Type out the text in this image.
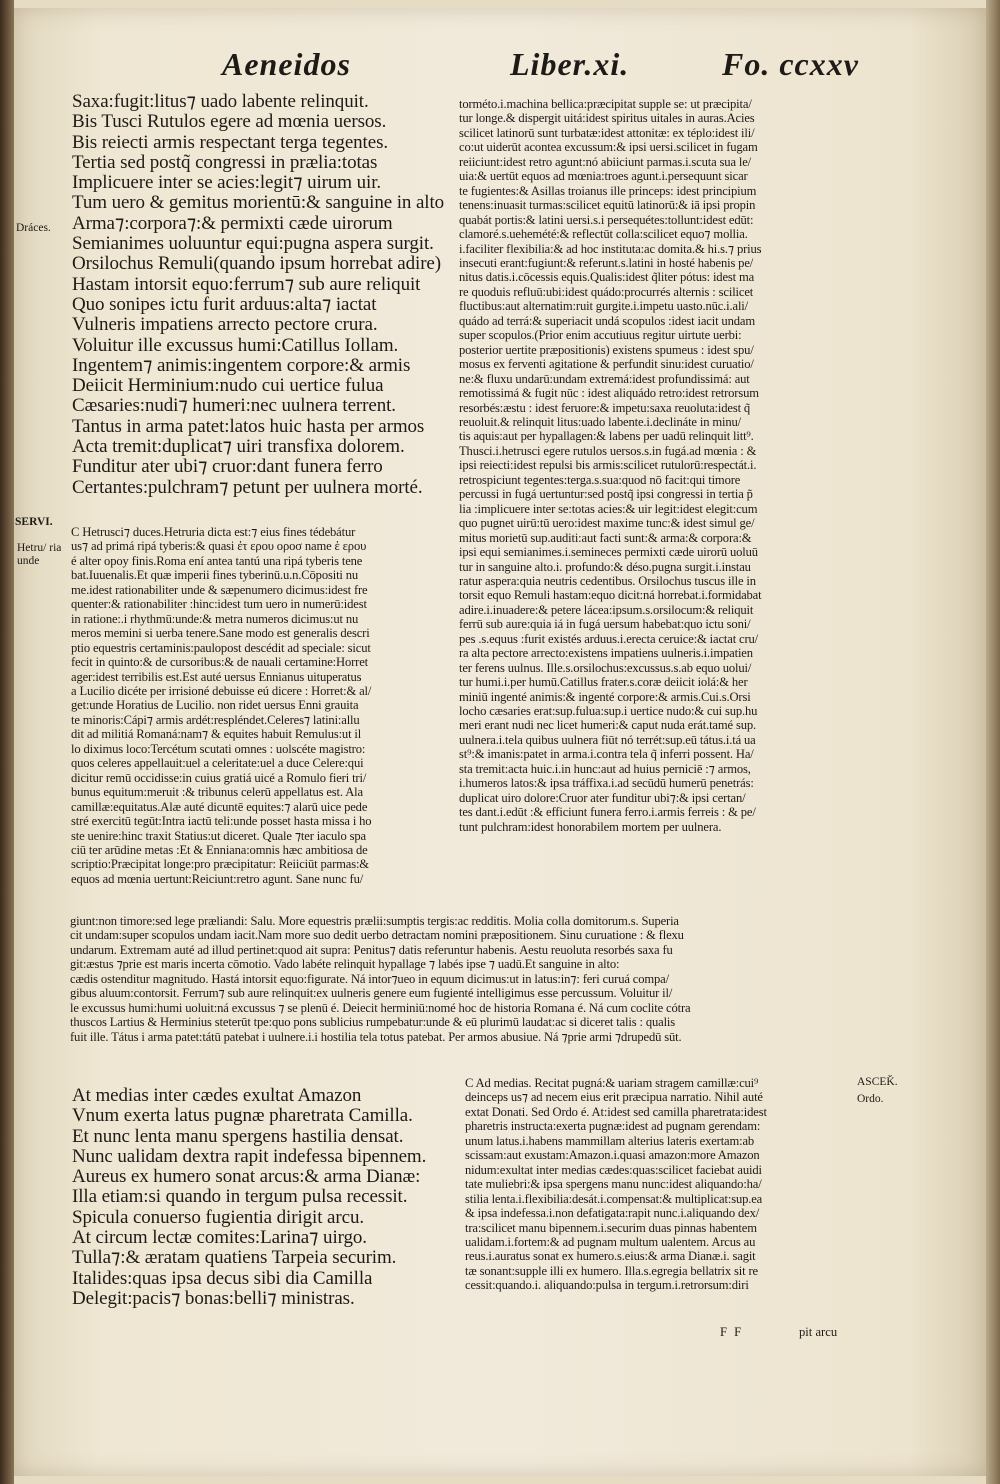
Aeneidos	Liber.xi.	Fo. ccxxv
Saxa:fugit:litus⁊ uado labente relinquit.
Bis Tusci Rutulos egere ad mœnia uersos.
Bis reiecti armis respectant terga tegentes.
Tertia sed postq̃ congressi in prælia:totas
Implicuere inter se acies:legit⁊ uirum uir.
Tum uero & gemitus morientū:& sanguine in alto
Arma⁊:corpora⁊:& permixti cæde uirorum
Semianimes uoluuntur equi:pugna aspera surgit.
Orsilochus Remuli(quando ipsum horrebat adire)
Hastam intorsit equo:ferrum⁊ sub aure reliquit
Quo sonipes ictu furit arduus:alta⁊ iactat
Vulneris impatiens arrecto pectore crura.
Voluitur ille excussus humi:Catillus Iollam.
Ingentem⁊ animis:ingentem corpore:& armis
Deiicit Herminium:nudo cui uertice fulua
Cæsaries:nudi⁊ humeri:nec uulnera terrent.
Tantus in arma patet:latos huic hasta per armos
Acta tremit:duplicat⁊ uiri transfixa dolorem.
Funditur ater ubi⁊ cruor:dant funera ferro
Certantes:pulchram⁊ petunt per uulnera morté.
C Hetrusci⁊ duces.Hetruria dicta est:⁊ eius fines tédebátur
us⁊ ad primá ripá tyberis:& quasi ἐτ ερου οροσ name ἑ ερου
é alter opoy finis.Roma ení antea tantú una ripá tyberis tene
bat.Iuuenalis.Et quæ imperii fines tyberinū.u.n.Cōpositi nu
me.idest rationabiliter unde & sæpenumero dicimus:idest fre
quenter:& rationabiliter :hinc:idest tum uero in numerū:idest
in ratione:.i rhythmū:unde:& metra numeros dicimus:ut nu
meros memini si uerba tenere.Sane modo est generalis descri
ptio equestris certaminis:paulopost descédit ad speciale: sicut
fecit in quinto:& de cursoribus:& de nauali certamine:Horret
ager:idest terribilis est.Est auté uersus Ennianus uituperatus
a Lucilio dicéte per irrisioné debuisse eú dicere : Horret:& al/
get:unde Horatius de Lucilio. non ridet uersus Enni grauita
te minoris:Cápi⁊ armis ardét:respléndet.Celeres⁊ latini:allu
dit ad militiá Romaná:nam⁊ & equites habuit Remulus:ut il
lo diximus loco:Tercétum scutati omnes : uolscéte magistro:
quos celeres appellauit:uel a celeritate:uel a duce Celere:qui
dicitur remū occidisse:in cuius gratiá uicé a Romulo fieri tri/
bunus equitum:meruit :& tribunus celerū appellatus est. Ala
camillæ:equitatus.Alæ auté dicuntē equites:⁊ alarū uice pede
stré exercitū tegūt:Intra iactū teli:unde posset hasta missa i ho
ste uenire:hinc traxit Statius:ut diceret. Quale ⁊ter iaculo spa
ciū ter arūdine metas :Et & Enniana:omnis hæc ambitiosa de
scriptio:Præcipitat longe:pro præcipitatur: Reiiciūt parmas:&
equos ad mœnia uertunt:Reiciunt:retro agunt. Sane nunc fu/
torméto.i.machina bellica:præcipitat supple se: ut præcipita/
tur longe.& dispergit uitá:idest spiritus uitales in auras.Acies
scilicet latinorū sunt turbatæ:idest attonitæ: ex téplo:idest ili/
co:ut uiderūt acontea excussum:& ipsi uersi.scilicet in fugam
reiiciunt:idest retro agunt:nó abiiciunt parmas.i.scuta sua le/
uia:& uertūt equos ad mœnia:troes agunt.i.persequunt sicar
te fugientes:& Asillas troianus ille princeps: idest principium
tenens:inuasit turmas:scilicet equitū latinorū:& iā ipsi propin
quabát portis:& latini uersi.s.i persequétes:tollunt:idest edūt:
clamoré.s.uehemété:& reflectūt colla:scilicet equo⁊ mollia.
i.faciliter flexibilia:& ad hoc instituta:ac domita.& hi.s.⁊ prius
insecuti erant:fugiunt:& referunt.s.latini in hosté habenis pe/
nitus datis.i.cōcessis equis.Qualis:idest q̃liter pótus: idest ma
re quoduis refluū:ubi:idest quádo:procurrés alternis : scilicet
fluctibus:aut alternatim:ruit gurgite.i.impetu uasto.nūc.i.ali/
quádo ad terrá:& superiacit undá scopulos :idest iacit undam
super scopulos.(Prior enim accutiuus regitur uirtute uerbi:
posterior uertite præpositionis) existens spumeus : idest spu/
mosus ex ferventi agitatione & perfundit sinu:idest curuatio/
ne:& fluxu undarū:undam extremá:idest profundissimá: aut
remotissimá & fugit nūc : idest aliquádo retro:idest retrorsum
resorbés:æstu : idest feruore:& impetu:saxa reuoluta:idest q̃
reuoluit.& relinquit litus:uado labente.i.declináte in minu/
tis aquis:aut per hypallagen:& labens per uadū relinquit litt⁹.
Thusci.i.hetrusci egere rutulos uersos.s.in fugá.ad mœnia : &
ipsi reiecti:idest repulsi bis armis:scilicet rutulorū:respectát.i.
retrospiciunt tegentes:terga.s.sua:quod nō facit:qui timore
percussi in fugá uertuntur:sed postq̃ ipsi congressi in tertia p̃
lia :implicuere inter se:totas acies:& uir legit:idest elegit:cum
quo pugnet uirū:tū uero:idest maxime tunc:& idest simul ge/
mitus morietū sup.auditi:aut facti sunt:& arma:& corpora:&
ipsi equi semianimes.i.semineces permixti cæde uirorū uoluū
tur in sanguine alto.i. profundo:& déso.pugna surgit.i.instau
ratur aspera:quia neutris cedentibus. Orsilochus tuscus ille in
torsit equo Remuli hastam:equo dicit:ná horrebat.i.formidabat
adire.i.inuadere:& petere lácea:ipsum.s.orsilocum:& reliquit
ferrū sub aure:quia iá in fugá uersum habebat:quo ictu soni/
pes .s.equus :furit existés arduus.i.erecta ceruice:& iactat cru/
ra alta pectore arrecto:existens impatiens uulneris.i.impatien
ter ferens uulnus. Ille.s.orsilochus:excussus.s.ab equo uolui/
tur humi.i.per humū.Catillus frater.s.coræ deiicit iolá:& her
miniū ingenté animis:& ingenté corpore:& armis.Cui.s.Orsi
locho cæsaries erat:sup.fulua:sup.i uertice nudo:& cui sup.hu
meri erant nudi nec licet humeri:& caput nuda erát.tamé sup.
uulnera.i.tela quibus uulnera fiūt nó terrét:sup.eū tátus.i.tá ua
st⁹:& imanis:patet in arma.i.contra tela q̃ inferri possent. Ha/
sta tremit:acta huic.i.in hunc:aut ad huius perniciē :⁊ armos,
i.humeros latos:& ipsa tráffixa.i.ad secūdū humerū penetrás:
duplicat uiro dolore:Cruor ater funditur ubi⁊:& ipsi certan/
tes dant.i.edūt :& efficiunt funera ferro.i.armis ferreis : & pe/
tunt pulchram:idest honorabilem mortem per uulnera.
giunt:non timore:sed lege præliandi: Salu. More equestris prælii:sumptis tergis:ac redditis. Molia colla domitorum.s. Superia
cit undam:super scopulos undam iacit.Nam more suo dedit uerbo detractam nomini præpositionem. Sinu curuatione : & flexu
undarum. Extremam auté ad illud pertinet:quod ait supra: Penitus⁊ datis referuntur habenis. Aestu reuoluta resorbés saxa fu
git:æstus ⁊prie est maris incerta cōmotio. Vado labéte relinquit hypallage ⁊ labés ipse ⁊ uadū.Et sanguine in alto:
cædis ostenditur magnitudo. Hastá intorsit equo:figurate. Ná intor⁊ueo in equum dicimus:ut in latus:in⁊: feri curuá compa/
gibus aluum:contorsit. Ferrum⁊ sub aure relinquit:ex uulneris genere eum fugienté intelligimus esse percussum. Voluitur il/
le excussus humi:humi uoluit:ná excussus ⁊ se plenū é. Deiecit herminiū:nomé hoc de historia Romana é. Ná cum coclite cótra
thuscos Lartius & Herminius steterūt tpe:quo pons sublicius rumpebatur:unde & eū plurimū laudat:ac si diceret talis : qualis
fuit ille. Tátus i arma patet:tátū patebat i uulnere.i.i hostilia tela totus patebat. Per armos abusiue. Ná ⁊prie armi ⁊drupedū sūt.
At medias inter cædes exultat Amazon
Vnum exerta latus pugnæ pharetrata Camilla.
Et nunc lenta manu spergens hastilia densat.
Nunc ualidam dextra rapit indefessa bipennem.
Aureus ex humero sonat arcus:& arma Dianæ:
Illa etiam:si quando in tergum pulsa recessit.
Spicula conuerso fugientia dirigit arcu.
At circum lectæ comites:Larina⁊ uirgo.
Tulla⁊:& æratam quatiens Tarpeia securim.
Italides:quas ipsa decus sibi dia Camilla
Delegit:pacis⁊ bonas:belli⁊ ministras.
C Ad medias. Recitat pugná:& uariam stragem camillæ:cui⁹
deinceps us⁊ ad necem eius erit præcipua narratio. Nihil auté
extat Donati. Sed Ordo é. At:idest sed camilla pharetrata:idest
pharetris instructa:exerta pugnæ:idest ad pugnam gerendam:
unum latus.i.habens mammillam alterius lateris exertam:ab
scissam:aut exustam:Amazon.i.quasi amazon:more Amazon
nidum:exultat inter medias cædes:quas:scilicet faciebat auidi
tate muliebri:& ipsa spergens manu nunc:idest aliquando:ha/
stilia lenta.i.flexibilia:desát.i.compensat:& multiplicat:sup.ea
& ipsa indefessa.i.non defatigata:rapit nunc.i.aliquando dex/
tra:scilicet manu bipennem.i.securim duas pinnas habentem
ualidam.i.fortem:& ad pugnam multum ualentem. Arcus au
reus.i.auratus sonat ex humero.s.eius:& arma Dianæ.i. sagit
tæ sonant:supple illi ex humero. Illa.s.egregia bellatrix sit re
cessit:quando.i. aliquando:pulsa in tergum.i.retrorsum:diri
Dráces.
SERVI.
Hetru/ ria unde
ASCEǨ.
Ordo.
F F	pit arcu
